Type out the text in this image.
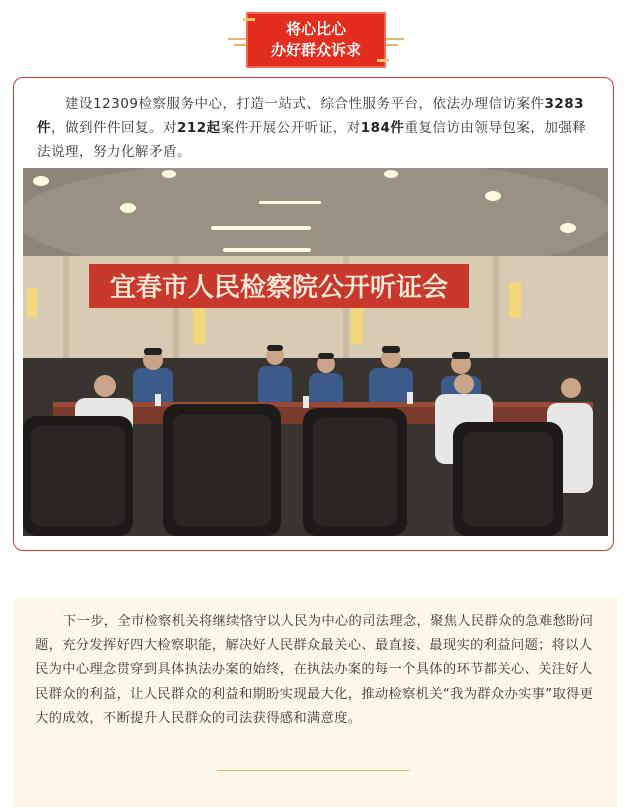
将心比心
办好群众诉求

建设12309检察服务中心，打造一站式、综合性服务平台，依法办理信访案件3283件，做到件件回复。对212起案件开展公开听证，对184件重复信访由领导包案，加强释法说理，努力化解矛盾。

宜春市人民检察院公开听证会

下一步，全市检察机关将继续恪守以人民为中心的司法理念，聚焦人民群众的急难愁盼问题，充分发挥好四大检察职能，解决好人民群众最关心、最直接、最现实的利益问题；将以人民为中心理念贯穿到具体执法办案的始终，在执法办案的每一个具体的环节都关心、关注好人民群众的利益，让人民群众的利益和期盼实现最大化，推动检察机关“我为群众办实事”取得更大的成效，不断提升人民群众的司法获得感和满意度。
